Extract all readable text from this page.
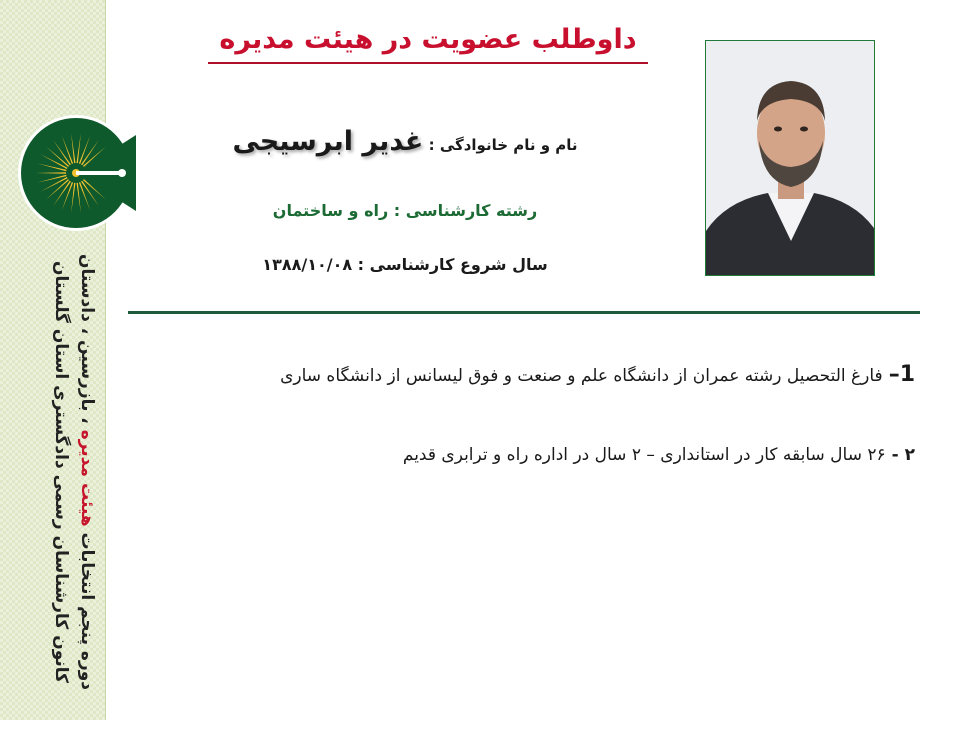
دوره پنجم انتخابات هیئت مدیره ، بازرسین ، دادستان
کانون کارشناسان رسمی دادگستری استان گلستان
داوطلب عضویت در هیئت مدیره
نام و نام خانوادگی : غدیر ابرسیجی
رشته کارشناسی : راه و ساختمان
سال شروع کارشناسی : ۱۳۸۸/۱۰/۰۸
1–فارغ التحصیل رشته عمران از دانشگاه علم و صنعت و فوق لیسانس از دانشگاه ساری
۲ -۲۶ سال سابقه کار در استانداری – ۲ سال در اداره راه و ترابری قدیم
